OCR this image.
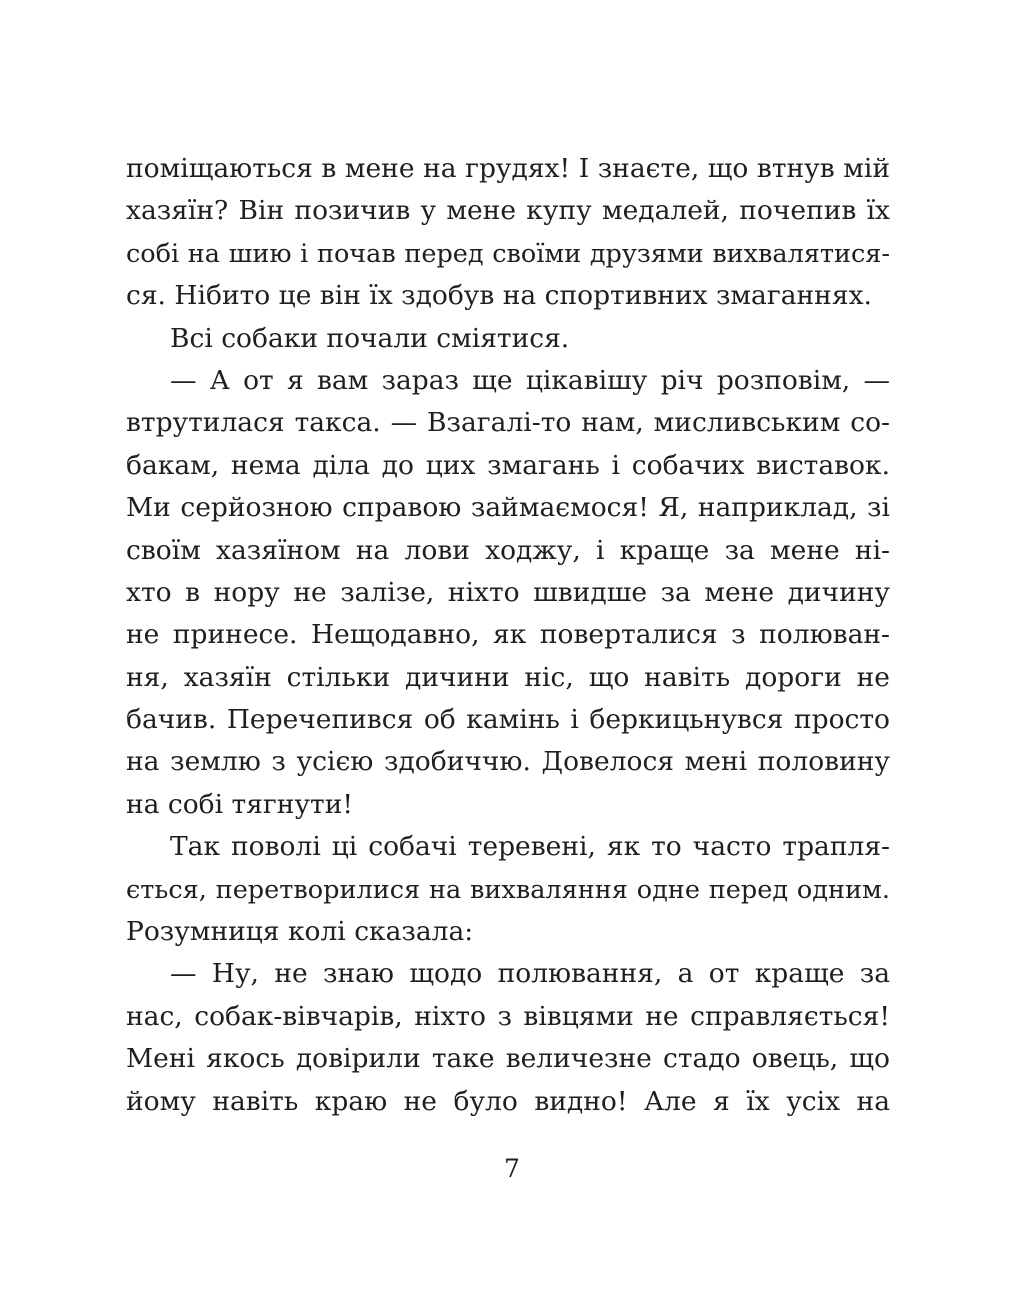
поміщаються в мене на грудях! І знаєте, що втнув мій
хазяїн? Він позичив у мене купу медалей, почепив їх
собі на шию і почав перед своїми друзями вихвалятися-
ся. Нібито це він їх здобув на спортивних змаганнях.
Всі собаки почали сміятися.
— А от я вам зараз ще цікавішу річ розповім, —
втрутилася такса. — Взагалі-то нам, мисливським со-
бакам, нема діла до цих змагань і собачих виставок.
Ми серйозною справою займаємося! Я, наприклад, зі
своїм хазяїном на лови ходжу, і краще за мене ні-
хто в нору не залізе, ніхто швидше за мене дичину
не принесе. Нещодавно, як поверталися з полюван-
ня, хазяїн стільки дичини ніс, що навіть дороги не
бачив. Перечепився об камінь і беркицьнувся просто
на землю з усією здобиччю. Довелося мені половину
на собі тягнути!
Так поволі ці собачі теревені, як то часто трапля-
ється, перетворилися на вихваляння одне перед одним.
Розумниця колі сказала:
— Ну, не знаю щодо полювання, а от краще за
нас, собак-вівчарів, ніхто з вівцями не справляється!
Мені якось довірили таке величезне стадо овець, що
йому навіть краю не було видно! Але я їх усіх на
7
